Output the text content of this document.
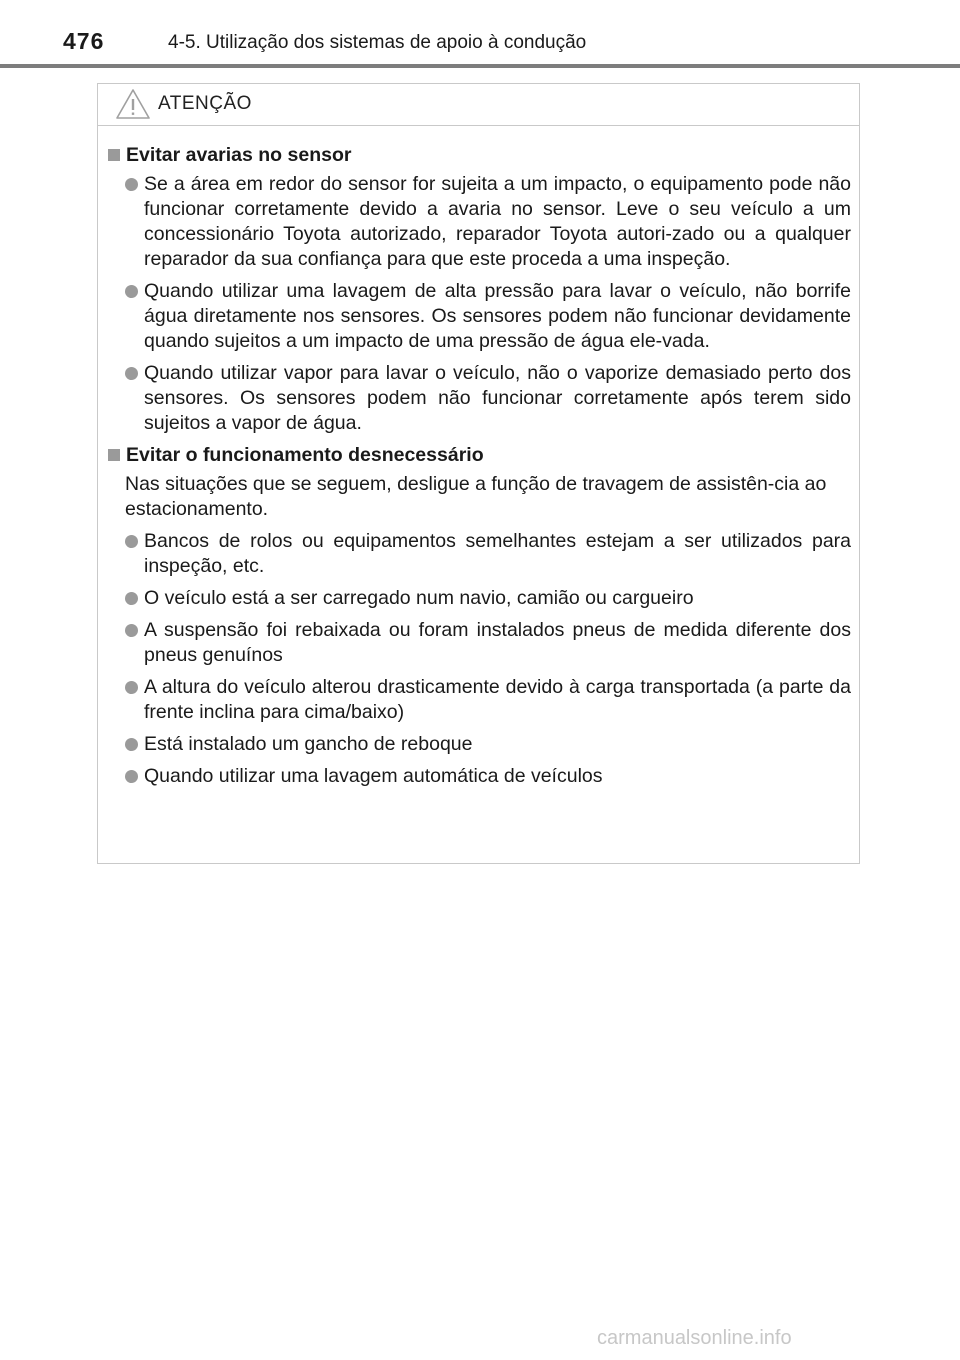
476	4-5. Utilização dos sistemas de apoio à condução
ATENÇÃO
Evitar avarias no sensor
Se a área em redor do sensor for sujeita a um impacto, o equipamento pode não funcionar corretamente devido a avaria no sensor. Leve o seu veículo a um concessionário Toyota autorizado, reparador Toyota autori-zado ou a qualquer reparador da sua confiança para que este proceda a uma inspeção.
Quando utilizar uma lavagem de alta pressão para lavar o veículo, não borrife água diretamente nos sensores. Os sensores podem não funcionar devidamente quando sujeitos a um impacto de uma pressão de água ele-vada.
Quando utilizar vapor para lavar o veículo, não o vaporize demasiado perto dos sensores. Os sensores podem não funcionar corretamente após terem sido sujeitos a vapor de água.
Evitar o funcionamento desnecessário
Nas situações que se seguem, desligue a função de travagem de assistên-cia ao estacionamento.
Bancos de rolos ou equipamentos semelhantes estejam a ser utilizados para inspeção, etc.
O veículo está a ser carregado num navio, camião ou cargueiro
A suspensão foi rebaixada ou foram instalados pneus de medida diferente dos pneus genuínos
A altura do veículo alterou drasticamente devido à carga transportada (a parte da frente inclina para cima/baixo)
Está instalado um gancho de reboque
Quando utilizar uma lavagem automática de veículos
carmanualsonline.info
